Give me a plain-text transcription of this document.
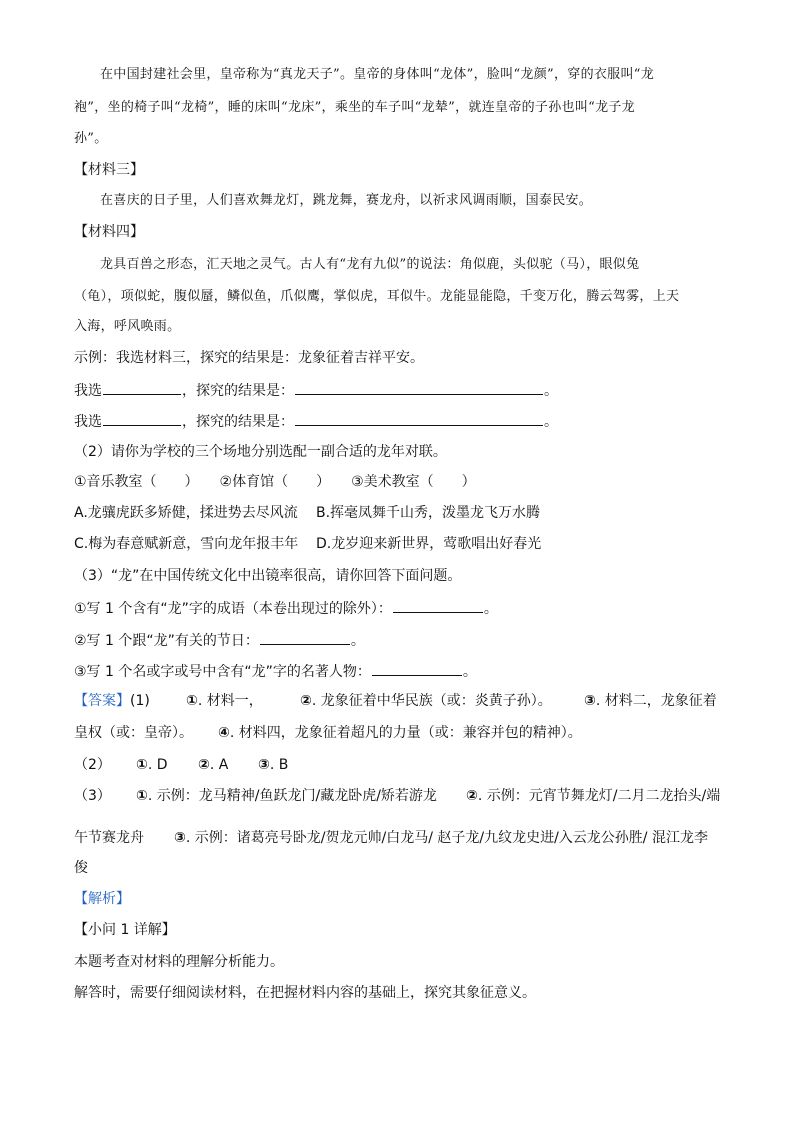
在中国封建社会里，皇帝称为“真龙天子”。皇帝的身体叫“龙体”，脸叫“龙颜”，穿的衣服叫“龙
袍”，坐的椅子叫“龙椅”，睡的床叫“龙床”，乘坐的车子叫“龙辇”，就连皇帝的子孙也叫“龙子龙
孙”。
【材料三】
在喜庆的日子里，人们喜欢舞龙灯，跳龙舞，赛龙舟，以祈求风调雨顺，国泰民安。
【材料四】
龙具百兽之形态，汇天地之灵气。古人有“龙有九似”的说法：角似鹿，头似驼（马），眼似兔
（龟），项似蛇，腹似蜃，鳞似鱼，爪似鹰，掌似虎，耳似牛。龙能显能隐，千变万化，腾云驾雾，上天
入海，呼风唤雨。
示例：我选材料三，探究的结果是：龙象征着吉祥平安。
我选	，探究的结果是：	。
我选	，探究的结果是：	。
（2）请你为学校的三个场地分别选配一副合适的龙年对联。
①音乐教室（　　）　　②体育馆（　　）　　③美术教室（　　）
A.龙骧虎跃多矫健，揉进势去尽风流 B.挥毫凤舞千山秀，泼墨龙飞万水腾
C.梅为春意赋新意，雪向龙年报丰年 D.龙岁迎来新世界，莺歌唱出好春光
（3）“龙”在中国传统文化中出镜率很高，请你回答下面问题。
①写 1 个含有“龙”字的成语（本卷出现过的除外）：	。
②写 1 个跟“龙”有关的节日：	。
③写 1 个名或字或号中含有“龙”字的名著人物：	。
【答案】(1)	①. 材料一，	②. 龙象征着中华民族（或：炎黄子孙）。 ③. 材料二，龙象征着
皇权（或：皇帝）。 ④. 材料四，龙象征着超凡的力量（或：兼容并包的精神）。
（2） ①. D ②. A ③. B
（3） ①. 示例：龙马精神/鱼跃龙门/藏龙卧虎/矫若游龙 ②. 示例：元宵节舞龙灯/二月二龙抬头/端
午节赛龙舟 ③. 示例：诸葛亮号卧龙/贺龙元帅/白龙马/ 赵子龙/九纹龙史进/入云龙公孙胜/ 混江龙李
俊
【解析】
【小问 1 详解】
本题考查对材料的理解分析能力。
解答时，需要仔细阅读材料，在把握材料内容的基础上，探究其象征意义。
